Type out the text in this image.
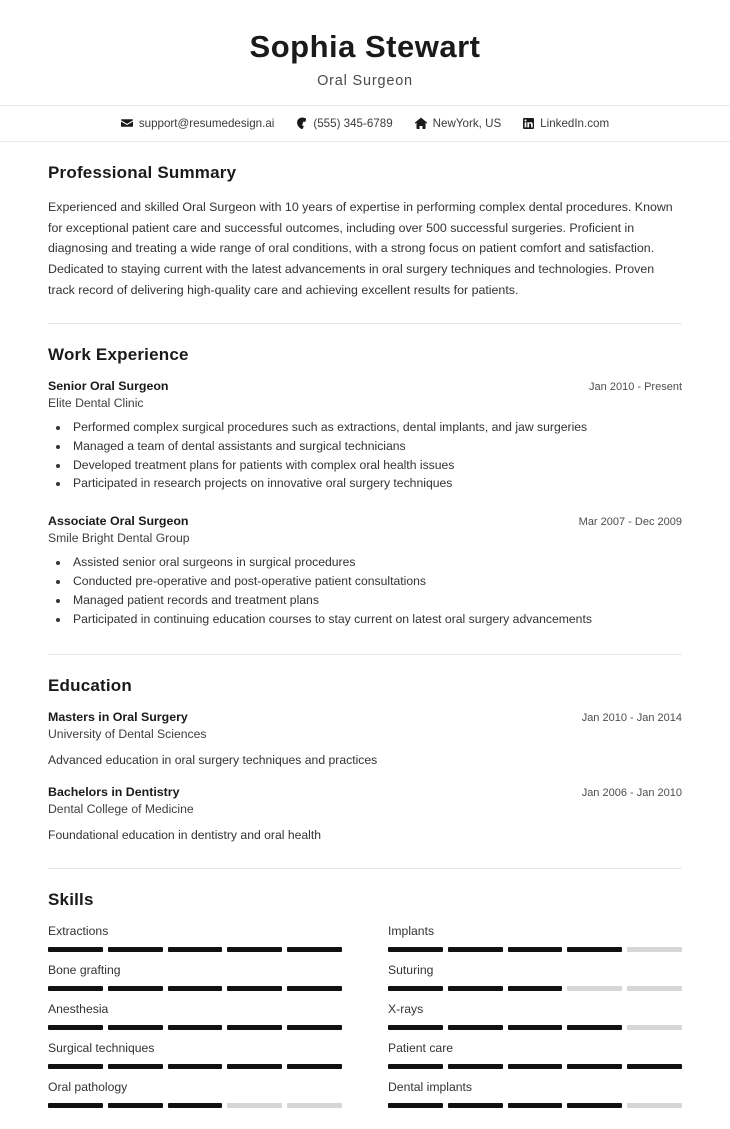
Sophia Stewart
Oral Surgeon
support@resumedesign.ai	(555) 345-6789	NewYork, US	LinkedIn.com
Professional Summary

Experienced and skilled Oral Surgeon with 10 years of expertise in performing complex dental procedures. Known for exceptional patient care and successful outcomes, including over 500 successful surgeries. Proficient in diagnosing and treating a wide range of oral conditions, with a strong focus on patient comfort and satisfaction. Dedicated to staying current with the latest advancements in oral surgery techniques and technologies. Proven track record of delivering high-quality care and achieving excellent results for patients.

Work Experience
Senior Oral Surgeon	Jan 2010 - Present
Elite Dental Clinic
• Performed complex surgical procedures such as extractions, dental implants, and jaw surgeries
• Managed a team of dental assistants and surgical technicians
• Developed treatment plans for patients with complex oral health issues
• Participated in research projects on innovative oral surgery techniques
Associate Oral Surgeon	Mar 2007 - Dec 2009
Smile Bright Dental Group
• Assisted senior oral surgeons in surgical procedures
• Conducted pre-operative and post-operative patient consultations
• Managed patient records and treatment plans
• Participated in continuing education courses to stay current on latest oral surgery advancements
Education
Masters in Oral Surgery	Jan 2010 - Jan 2014
University of Dental Sciences
Advanced education in oral surgery techniques and practices
Bachelors in Dentistry	Jan 2006 - Jan 2010
Dental College of Medicine
Foundational education in dentistry and oral health
Skills
Extractions	Implants
Bone grafting	Suturing
Anesthesia	X-rays
Surgical techniques	Patient care
Oral pathology	Dental implants
